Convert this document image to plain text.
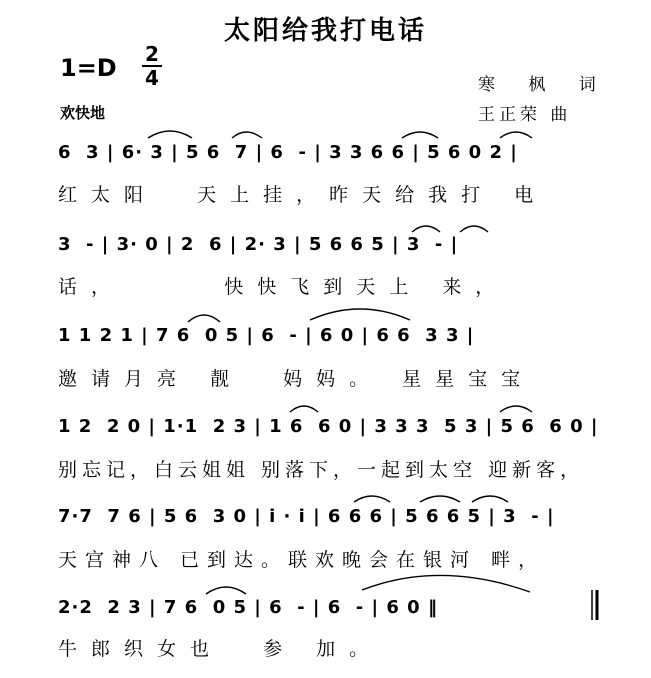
太阳给我打电话
1=D 2
4
欢快地
寒 枫 词
王正荣 曲
6  3 | 6· 3 | 5 6  7 | 6  - | 3 3 6 6 | 5 6 0 2 |
红太阳  天上挂，昨天给我打 电
3  - | 3· 0 | 2  6 | 2· 3 | 5 6 6 5 | 3  - |
话，     快快飞到天上 来，
1 1 2 1 | 7 6  0 5 | 6  - | 6 0 | 6 6  3 3 |
邀请月亮 靓  妈妈。 星星宝宝
1 2  2 0 | 1·1  2 3 | 1 6  6 0 | 3 3 3  5 3 | 5 6  6 0 |
别忘记，白云姐姐 别落下，一起到太空 迎新客，
7·7  7 6 | 5 6  3 0 | i · i | 6 6 6 | 5 6 6 5 | 3  - |
天宫神八 已到达。联欢晚会在银河 畔，
2·2  2 3 | 7 6  0 5 | 6  - | 6  - | 6 0 ‖
牛郎织女也  参 加。
